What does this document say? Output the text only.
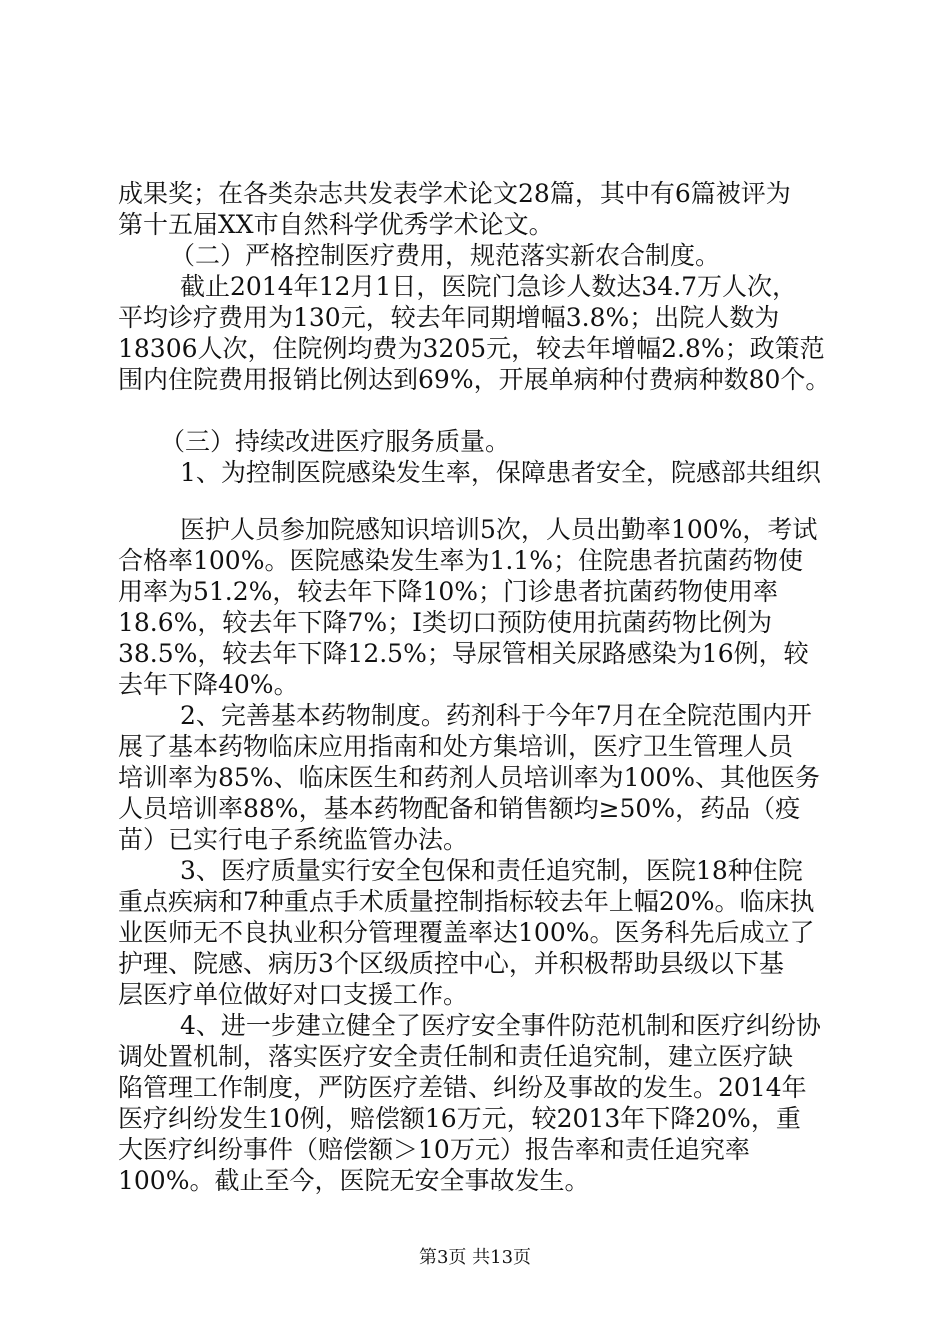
成果奖；在各类杂志共发表学术论文28篇，其中有6篇被评为
第十五届XX市自然科学优秀学术论文。
（二）严格控制医疗费用，规范落实新农合制度。
截止2014年12月1日，医院门急诊人数达34.7万人次，
平均诊疗费用为130元，较去年同期增幅3.8%；出院人数为
18306人次，住院例均费为3205元，较去年增幅2.8%；政策范
围内住院费用报销比例达到69%，开展单病种付费病种数80个。
（三）持续改进医疗服务质量。
1、为控制医院感染发生率，保障患者安全，院感部共组织
医护人员参加院感知识培训5次，人员出勤率100%，考试
合格率100%。医院感染发生率为1.1%；住院患者抗菌药物使
用率为51.2%，较去年下降10%；门诊患者抗菌药物使用率
18.6%，较去年下降7%；Ⅰ类切口预防使用抗菌药物比例为
38.5%，较去年下降12.5%；导尿管相关尿路感染为16例，较
去年下降40%。
2、完善基本药物制度。药剂科于今年7月在全院范围内开
展了基本药物临床应用指南和处方集培训，医疗卫生管理人员
培训率为85%、临床医生和药剂人员培训率为100%、其他医务
人员培训率88%，基本药物配备和销售额均≥50%，药品（疫
苗）已实行电子系统监管办法。
3、医疗质量实行安全包保和责任追究制，医院18种住院
重点疾病和7种重点手术质量控制指标较去年上幅20%。临床执
业医师无不良执业积分管理覆盖率达100%。医务科先后成立了
护理、院感、病历3个区级质控中心，并积极帮助县级以下基
层医疗单位做好对口支援工作。
4、进一步建立健全了医疗安全事件防范机制和医疗纠纷协
调处置机制，落实医疗安全责任制和责任追究制，建立医疗缺
陷管理工作制度，严防医疗差错、纠纷及事故的发生。2014年
医疗纠纷发生10例，赔偿额16万元，较2013年下降20%，重
大医疗纠纷事件（赔偿额＞10万元）报告率和责任追究率
100%。截止至今，医院无安全事故发生。
第3页 共13页
